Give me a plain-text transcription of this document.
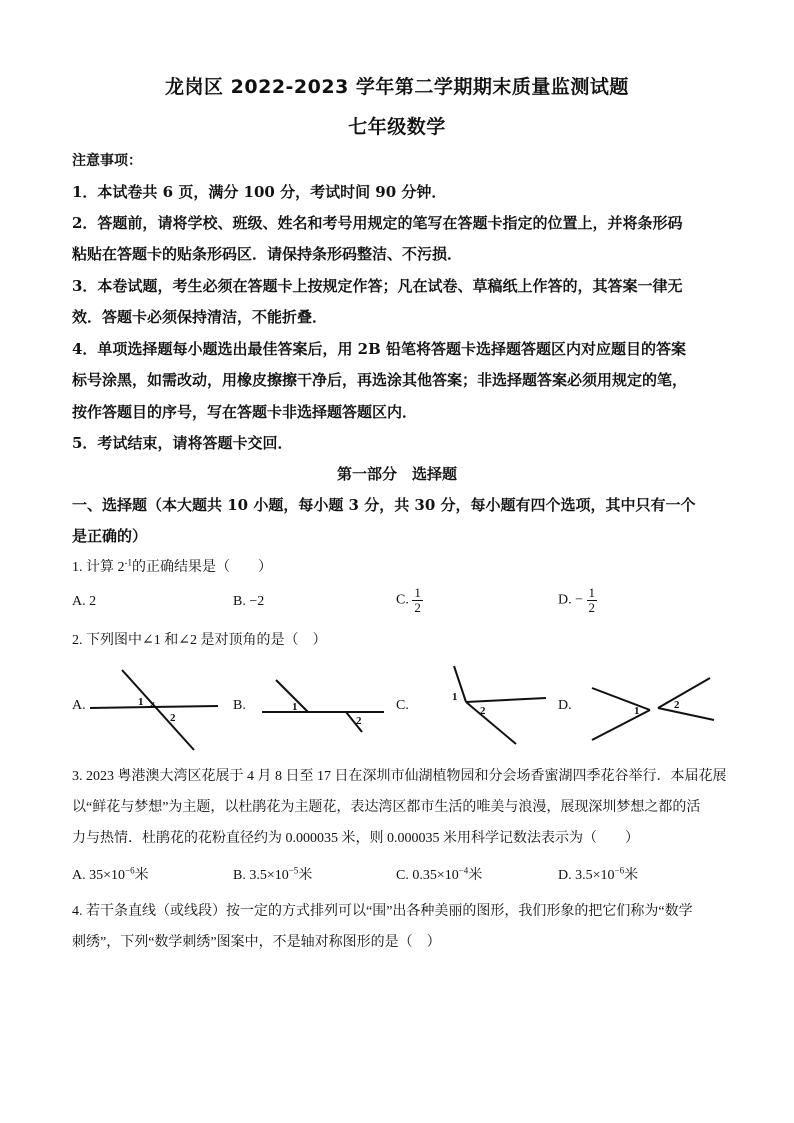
龙岗区 2022-2023 学年第二学期期末质量监测试题
七年级数学
注意事项：
1．本试卷共 6 页，满分 100 分，考试时间 90 分钟．
2．答题前，请将学校、班级、姓名和考号用规定的笔写在答题卡指定的位置上，并将条形码
粘贴在答题卡的贴条形码区．请保持条形码整洁、不污损．
3．本卷试题，考生必须在答题卡上按规定作答；凡在试卷、草稿纸上作答的，其答案一律无
效．答题卡必须保持清洁，不能折叠．
4．单项选择题每小题选出最佳答案后，用 2B 铅笔将答题卡选择题答题区内对应题目的答案
标号涂黑，如需改动，用橡皮擦擦干净后，再选涂其他答案；非选择题答案必须用规定的笔，
按作答题目的序号，写在答题卡非选择题答题区内．
5．考试结束，请将答题卡交回．
第一部分　选择题
一、选择题（本大题共 10 小题，每小题 3 分，共 30 分，每小题有四个选项，其中只有一个
是正确的）
1. 计算 $2^{-1}$的正确结果是（　　）
A. 2	B. −2	C. $\frac{1}{2}$	D. − $\frac{1}{2}$
2. 下列图中∠1 和∠2 是对顶角的是（　）
A.	1
2
B.	1
2
C.
1
2	D.	1	2
3. 2023 粤港澳大湾区花展于 4 月 8 日至 17 日在深圳市仙湖植物园和分会场香蜜湖四季花谷举行．本届花展
以“鲜花与梦想”为主题，以杜鹃花为主题花，表达湾区都市生活的唯美与浪漫，展现深圳梦想之都的活
力与热情．杜鹃花的花粉直径约为 0.000035 米，则 0.000035 米用科学记数法表示为（　　）
A. $35\times 10^{-6}$米	B. $3.5\times 10^{-5}$米	C. $0.35\times 10^{-4}$米	D. $3.5\times 10^{-6}$米
4. 若干条直线（或线段）按一定的方式排列可以“围”出各种美丽的图形，我们形象的把它们称为“数学
刺绣”，下列“数学刺绣”图案中，不是轴对称图形的是（　）
